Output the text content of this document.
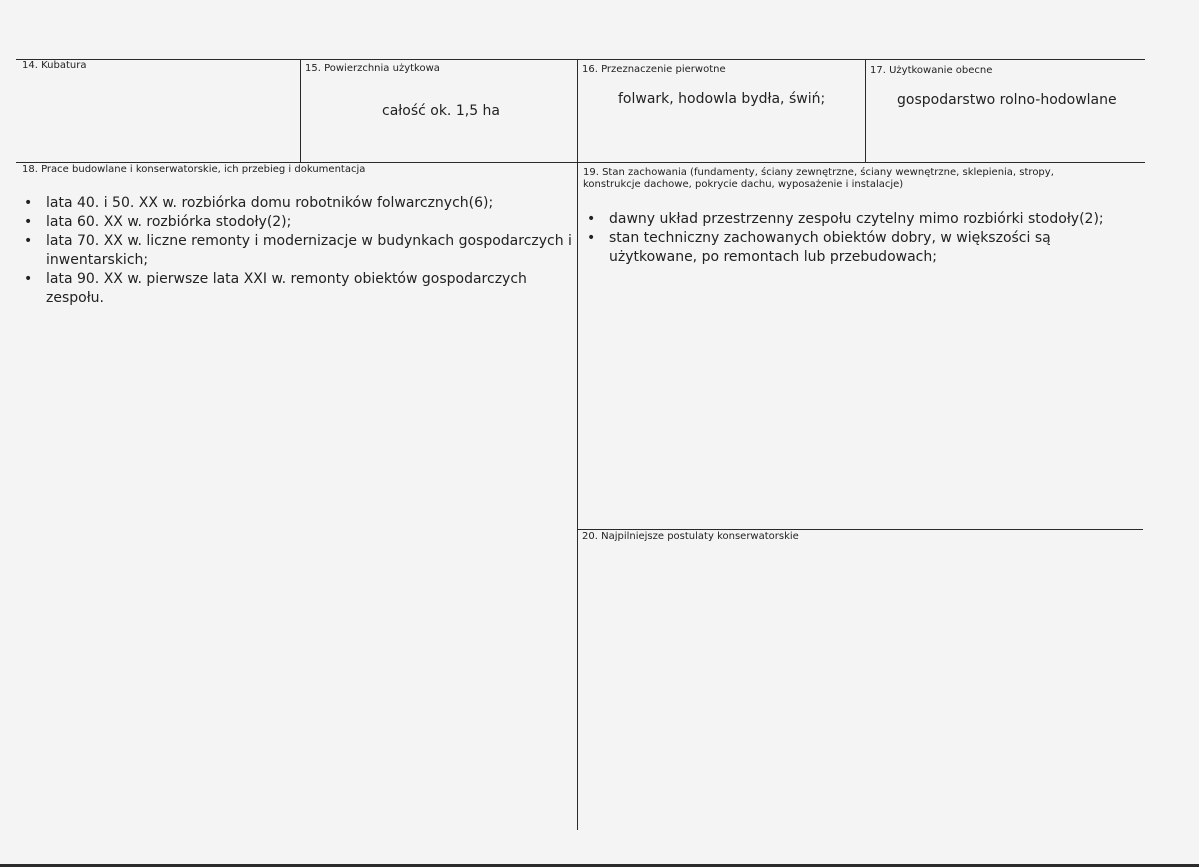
14. Kubatura	15. Powierzchnia użytkowa
całość ok. 1,5 ha
16. Przeznaczenie pierwotne
folwark, hodowla bydła, świń;
17. Użytkowanie obecne
gospodarstwo rolno-hodowlane
18. Prace budowlane i konserwatorskie, ich przebieg i dokumentacja
• lata 40. i 50. XX w. rozbiórka domu robotników folwarcznych(6);
• lata 60. XX w. rozbiórka stodoły(2);
• lata 70. XX w. liczne remonty i modernizacje w budynkach gospodarczych i inwentarskich;
• lata 90. XX w. pierwsze lata XXI w. remonty obiektów gospodarczych zespołu.
19. Stan zachowania (fundamenty, ściany zewnętrzne, ściany wewnętrzne, sklepienia, stropy, konstrukcje dachowe, pokrycie dachu, wyposażenie i instalacje)
• dawny układ przestrzenny zespołu czytelny mimo rozbiórki stodoły(2);
• stan techniczny zachowanych obiektów dobry, w większości są użytkowane, po remontach lub przebudowach;
20. Najpilniejsze postulaty konserwatorskie
